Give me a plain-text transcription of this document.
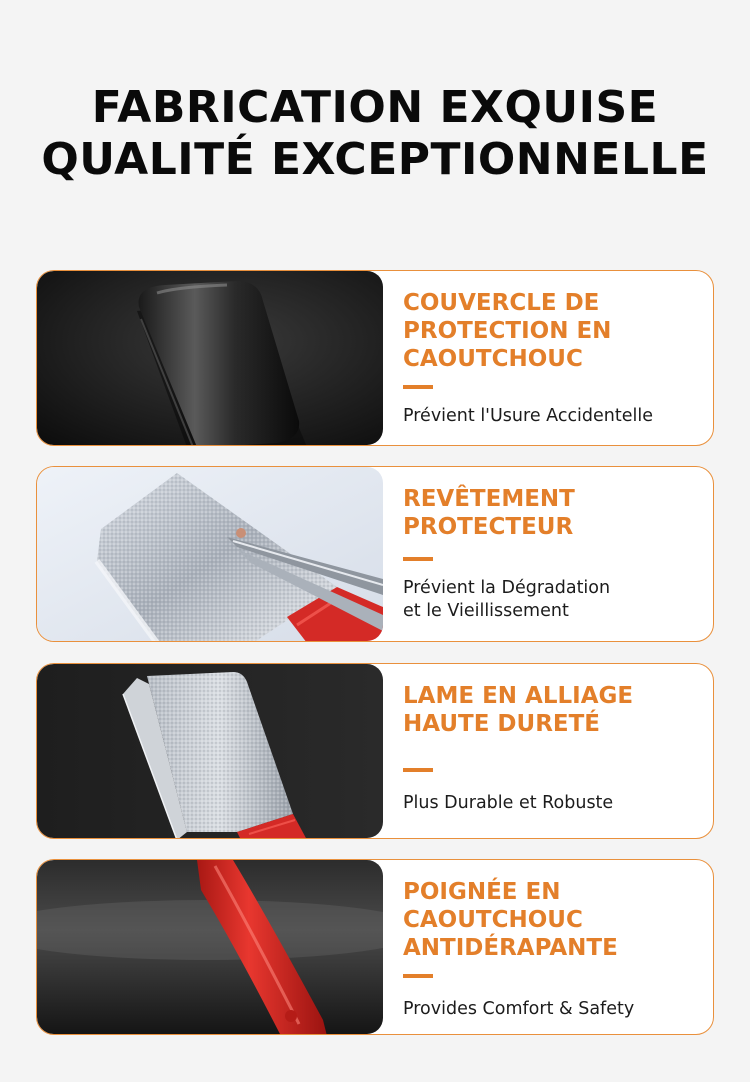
FABRICATION EXQUISE
QUALITÉ EXCEPTIONNELLE
COUVERCLE DE
PROTECTION EN
CAOUTCHOUC
Prévient l'Usure Accidentelle
REVÊTEMENT
PROTECTEUR
Prévient la Dégradation
et le Vieillissement
LAME EN ALLIAGE
HAUTE DURETÉ
Plus Durable et Robuste
POIGNÉE EN
CAOUTCHOUC
ANTIDÉRAPANTE
Provides Comfort & Safety
